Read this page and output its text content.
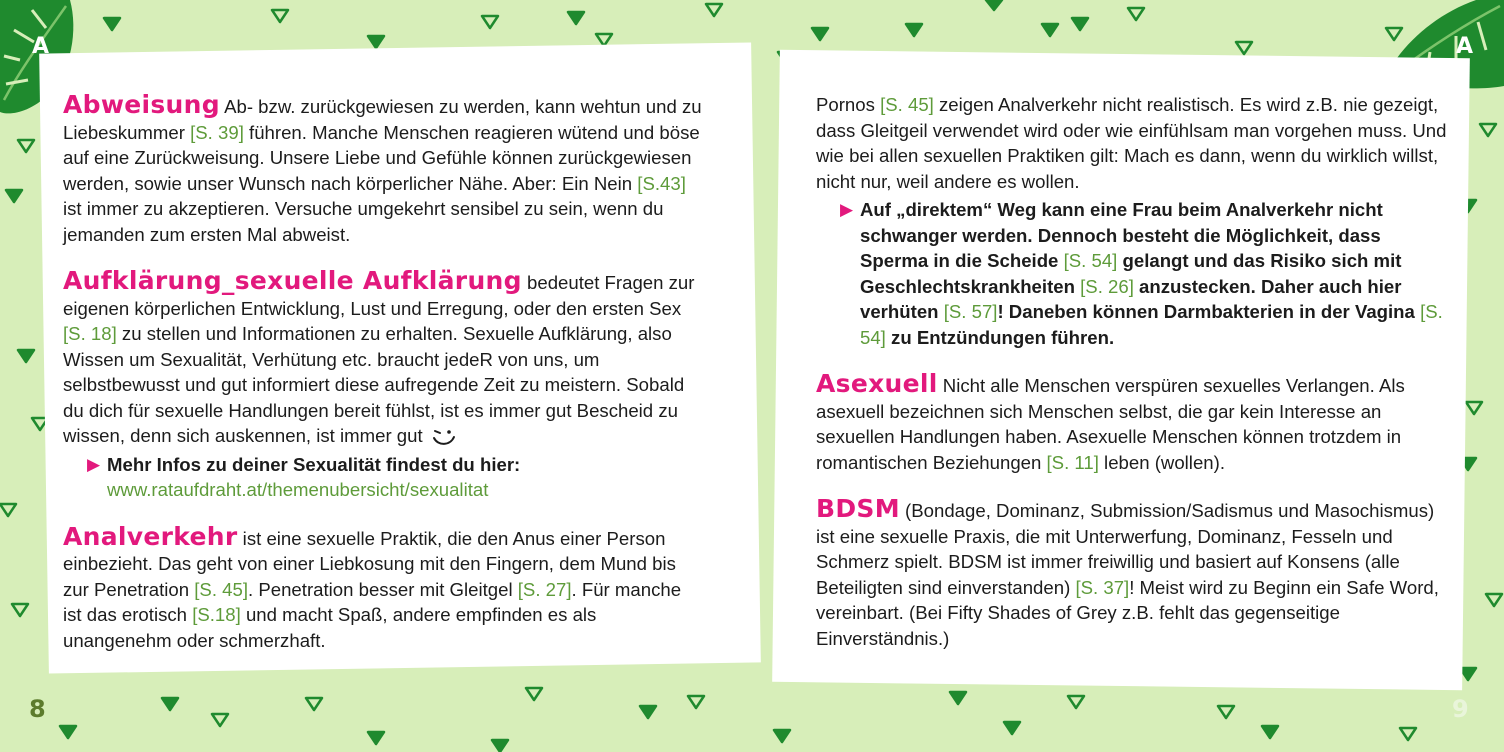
A	A

Abweisung Ab- bzw. zurückgewiesen zu werden, kann wehtun und zu Liebeskummer [S. 39] führen. Manche Menschen reagieren wütend und böse auf eine Zurückweisung. Unsere Liebe und Gefühle können zurückgewiesen werden, sowie unser Wunsch nach körperlicher Nähe. Aber: Ein Nein [S.43] ist immer zu akzeptieren. Versuche umgekehrt sensibel zu sein, wenn du jemanden zum ersten Mal abweist.

Aufklärung_sexuelle Aufklärung bedeutet Fragen zur eigenen körperlichen Entwicklung, Lust und Erregung, oder den ersten Sex [S. 18] zu stellen und Informationen zu erhalten. Sexuelle Aufklärung, also Wissen um Sexualität, Verhütung etc. braucht jedeR von uns, um selbstbewusst und gut informiert diese aufregende Zeit zu meistern. Sobald du dich für sexuelle Handlungen bereit fühlst, ist es immer gut Bescheid zu wissen, denn sich auskennen, ist immer gut

▶ Mehr Infos zu deiner Sexualität findest du hier:
www.rataufdraht.at/themenubersicht/sexualitat

Analverkehr ist eine sexuelle Praktik, die den Anus einer Person einbezieht. Das geht von einer Liebkosung mit den Fingern, dem Mund bis zur Penetration [S. 45]. Penetration besser mit Gleitgel [S. 27]. Für manche ist das erotisch [S.18] und macht Spaß, andere empfinden es als unangenehm oder schmerzhaft.

Pornos [S. 45] zeigen Analverkehr nicht realistisch. Es wird z.B. nie gezeigt, dass Gleitgeil verwendet wird oder wie einfühlsam man vorgehen muss. Und wie bei allen sexuellen Praktiken gilt: Mach es dann, wenn du wirklich willst, nicht nur, weil andere es wollen.

▶ Auf „direktem“ Weg kann eine Frau beim Analverkehr nicht schwanger werden. Dennoch besteht die Möglichkeit, dass Sperma in die Scheide [S. 54] gelangt und das Risiko sich mit Geschlechtskrankheiten [S. 26] anzustecken. Daher auch hier verhüten [S. 57]! Daneben können Darmbakterien in der Vagina [S. 54] zu Entzündungen führen.

Asexuell Nicht alle Menschen verspüren sexuelles Verlangen. Als asexuell bezeichnen sich Menschen selbst, die gar kein Interesse an sexuellen Handlungen haben. Asexuelle Menschen können trotzdem in romantischen Beziehungen [S. 11] leben (wollen).

BDSM (Bondage, Dominanz, Submission/Sadismus und Masochismus) ist eine sexuelle Praxis, die mit Unterwerfung, Dominanz, Fesseln und Schmerz spielt. BDSM ist immer freiwillig und basiert auf Konsens (alle Beteiligten sind einverstanden) [S. 37]! Meist wird zu Beginn ein Safe Word, vereinbart. (Bei Fifty Shades of Grey z.B. fehlt das gegenseitige Einverständnis.)

8	9
